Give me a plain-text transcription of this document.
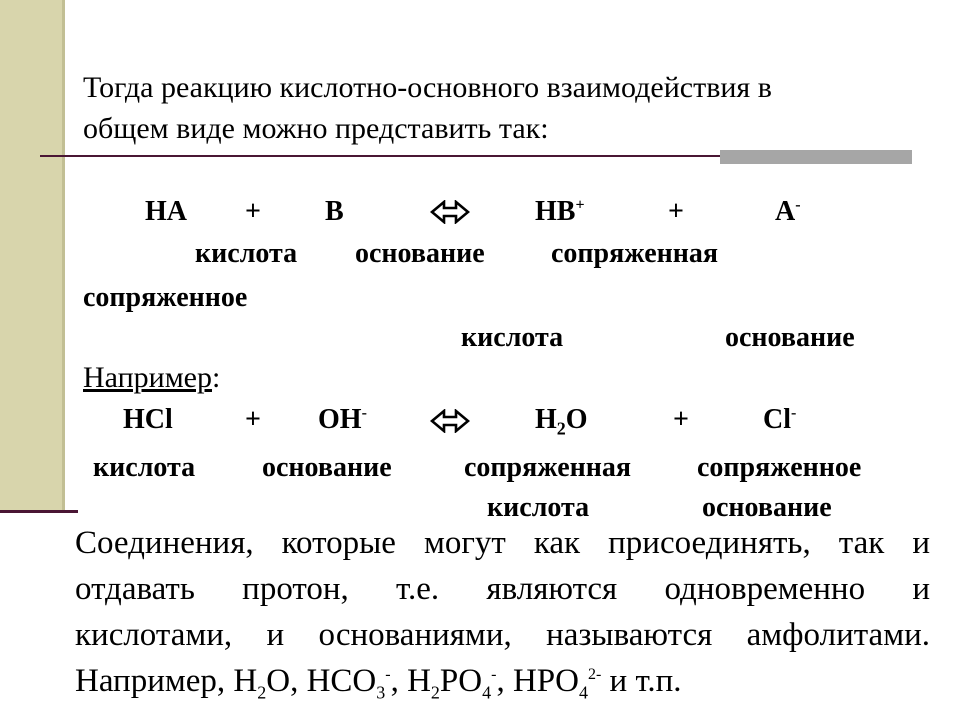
Тогда реакцию кислотно-основного взаимодействия в
общем виде можно представить так:
HA + B	HB+	+	A-
кислота основание сопряженная
сопряженное
кислота	основание
Например:
HCl	+ OH-	$H_2O$	+	Cl-
кислота основание	сопряженная сопряженное
кислота	основание
Соединения, которые могут как присоединять, так и
отдавать протон, т.е. являются одновременно и
кислотами, и основаниями, называются амфолитами.
Например, $H_2O$, $HCO_3^-$, $H_2PO_4^-$, $HPO_4^{2-}$ и т.п.
